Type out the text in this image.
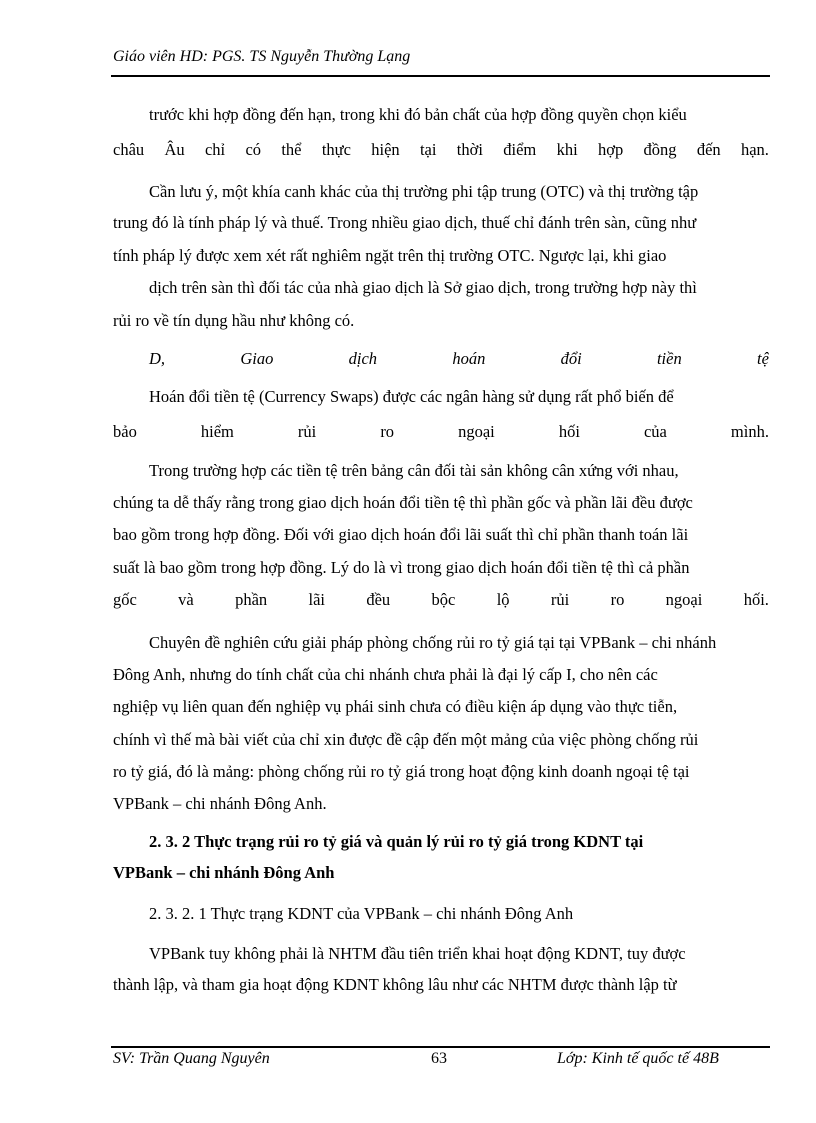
Giáo viên HD: PGS. TS Nguyễn Thường Lạng
trước khi hợp đồng đến hạn, trong khi đó bản chất của hợp đồng quyền chọn kiểu
châu Âu chỉ có thể thực hiện tại thời điểm khi hợp đồng đến hạn.
Cần lưu ý, một khía canh khác của thị trường phi tập trung (OTC) và thị trường tập
trung đó là tính pháp lý và thuế. Trong nhiều giao dịch, thuế chỉ đánh trên sàn, cũng như
tính pháp lý được xem xét rất nghiêm ngặt trên thị trường OTC. Ngược lại, khi giao
dịch trên sàn thì đối tác của nhà giao dịch là Sở giao dịch, trong trường hợp này thì
rủi ro về tín dụng hầu như không có.
D,	Giao	dịch	hoán	đổi	tiền	tệ
Hoán đổi tiền tệ (Currency Swaps) được các ngân hàng sử dụng rất phổ biến để
bảo	hiểm	rủi	ro	ngoại	hối	của	mình.
Trong trường hợp các tiền tệ trên bảng cân đối tài sản không cân xứng với nhau,
chúng ta dễ thấy rằng trong giao dịch hoán đổi tiền tệ thì phần gốc và phần lãi đều được
bao gồm trong hợp đồng. Đối với giao dịch hoán đổi lãi suất thì chỉ phần thanh toán lãi
suất là bao gồm trong hợp đồng. Lý do là vì trong giao dịch hoán đổi tiền tệ thì cả phần
gốc	và	phần	lãi	đều	bộc	lộ	rủi	ro	ngoại	hối.
Chuyên đề nghiên cứu giải pháp phòng chống rủi ro tỷ giá tại tại VPBank – chi nhánh
Đông Anh, nhưng do tính chất của chi nhánh chưa phải là đại lý cấp I, cho nên các
nghiệp vụ liên quan đến nghiệp vụ phái sinh chưa có điều kiện áp dụng vào thực tiễn,
chính vì thế mà bài viết của chỉ xin được đề cập đến một mảng của việc phòng chống rủi
ro tỷ giá, đó là mảng: phòng chống rủi ro tỷ giá trong hoạt động kinh doanh ngoại tệ tại
VPBank – chi nhánh Đông Anh.
2. 3. 2 Thực trạng rủi ro tỷ giá và quản lý rủi ro tỷ giá trong KDNT tại
VPBank – chi nhánh Đông Anh
2. 3. 2. 1 Thực trạng KDNT của VPBank – chi nhánh Đông Anh
VPBank tuy không phải là NHTM đầu tiên triển khai hoạt động KDNT, tuy được
thành lập, và tham gia hoạt động KDNT không lâu như các NHTM được thành lập từ
SV: Trần Quang Nguyên	63	Lớp: Kinh tế quốc tế 48B
